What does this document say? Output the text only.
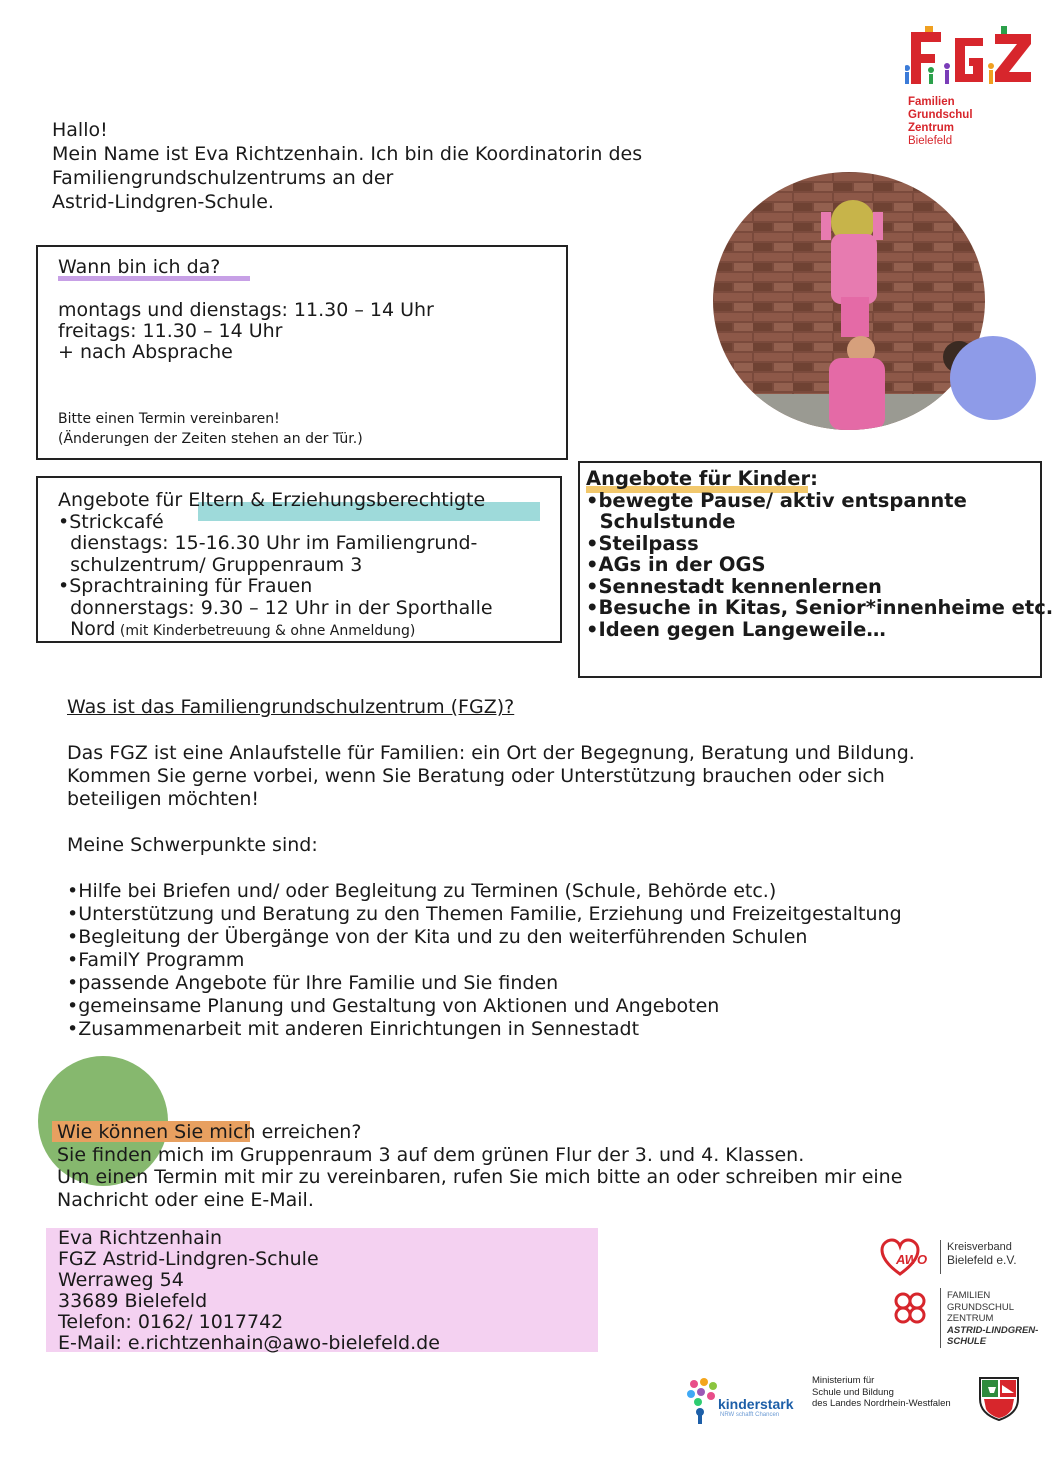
Familien
Grundschul
Zentrum
Bielefeld
Hallo!
Mein Name ist Eva Richtzenhain. Ich bin die Koordinatorin des
Familiengrundschulzentrums an der
Astrid-Lindgren-Schule.
Wann bin ich da?
montags und dienstags: 11.30 – 14 Uhr
freitags: 11.30 – 14 Uhr
+ nach Absprache
Bitte einen Termin vereinbaren!
(Änderungen der Zeiten stehen an der Tür.)
Angebote für Eltern & Erziehungsberechtigte
•Strickcafé
dienstags: 15-16.30 Uhr im Familiengrund-
schulzentrum/ Gruppenraum 3
•Sprachtraining für Frauen
donnerstags: 9.30 – 12 Uhr in der Sporthalle
Nord (mit Kinderbetreuung & ohne Anmeldung)
Angebote für Kinder:
•bewegte Pause/ aktiv entspannte
Schulstunde
•Steilpass
•AGs in der OGS
•Sennestadt kennenlernen
•Besuche in Kitas, Senior*innenheime etc.
•Ideen gegen Langeweile…
Was ist das Familiengrundschulzentrum (FGZ)?
Das FGZ ist eine Anlaufstelle für Familien: ein Ort der Begegnung, Beratung und Bildung.
Kommen Sie gerne vorbei, wenn Sie Beratung oder Unterstützung brauchen oder sich
beteiligen möchten!
Meine Schwerpunkte sind:
•Hilfe bei Briefen und/ oder Begleitung zu Terminen (Schule, Behörde etc.)
•Unterstützung und Beratung zu den Themen Familie, Erziehung und Freizeitgestaltung
•Begleitung der Übergänge von der Kita und zu den weiterführenden Schulen
•FamilY Programm
•passende Angebote für Ihre Familie und Sie finden
•gemeinsame Planung und Gestaltung von Aktionen und Angeboten
•Zusammenarbeit mit anderen Einrichtungen in Sennestadt
Wie können Sie mich erreichen?
Sie finden mich im Gruppenraum 3 auf dem grünen Flur der 3. und 4. Klassen.
Um einen Termin mit mir zu vereinbaren, rufen Sie mich bitte an oder schreiben mir eine
Nachricht oder eine E-Mail.
Eva Richtzenhain
FGZ Astrid-Lindgren-Schule
Werraweg 54
33689 Bielefeld
Telefon: 0162/ 1017742
E-Mail: e.richtzenhain@awo-bielefeld.de
AWO
Kreisverband
Bielefeld e.V.
FAMILIEN
GRUNDSCHUL
ZENTRUM
ASTRID-LINDGREN-
SCHULE
kinderstark
NRW schafft Chancen
Ministerium für
Schule und Bildung
des Landes Nordrhein-Westfalen
